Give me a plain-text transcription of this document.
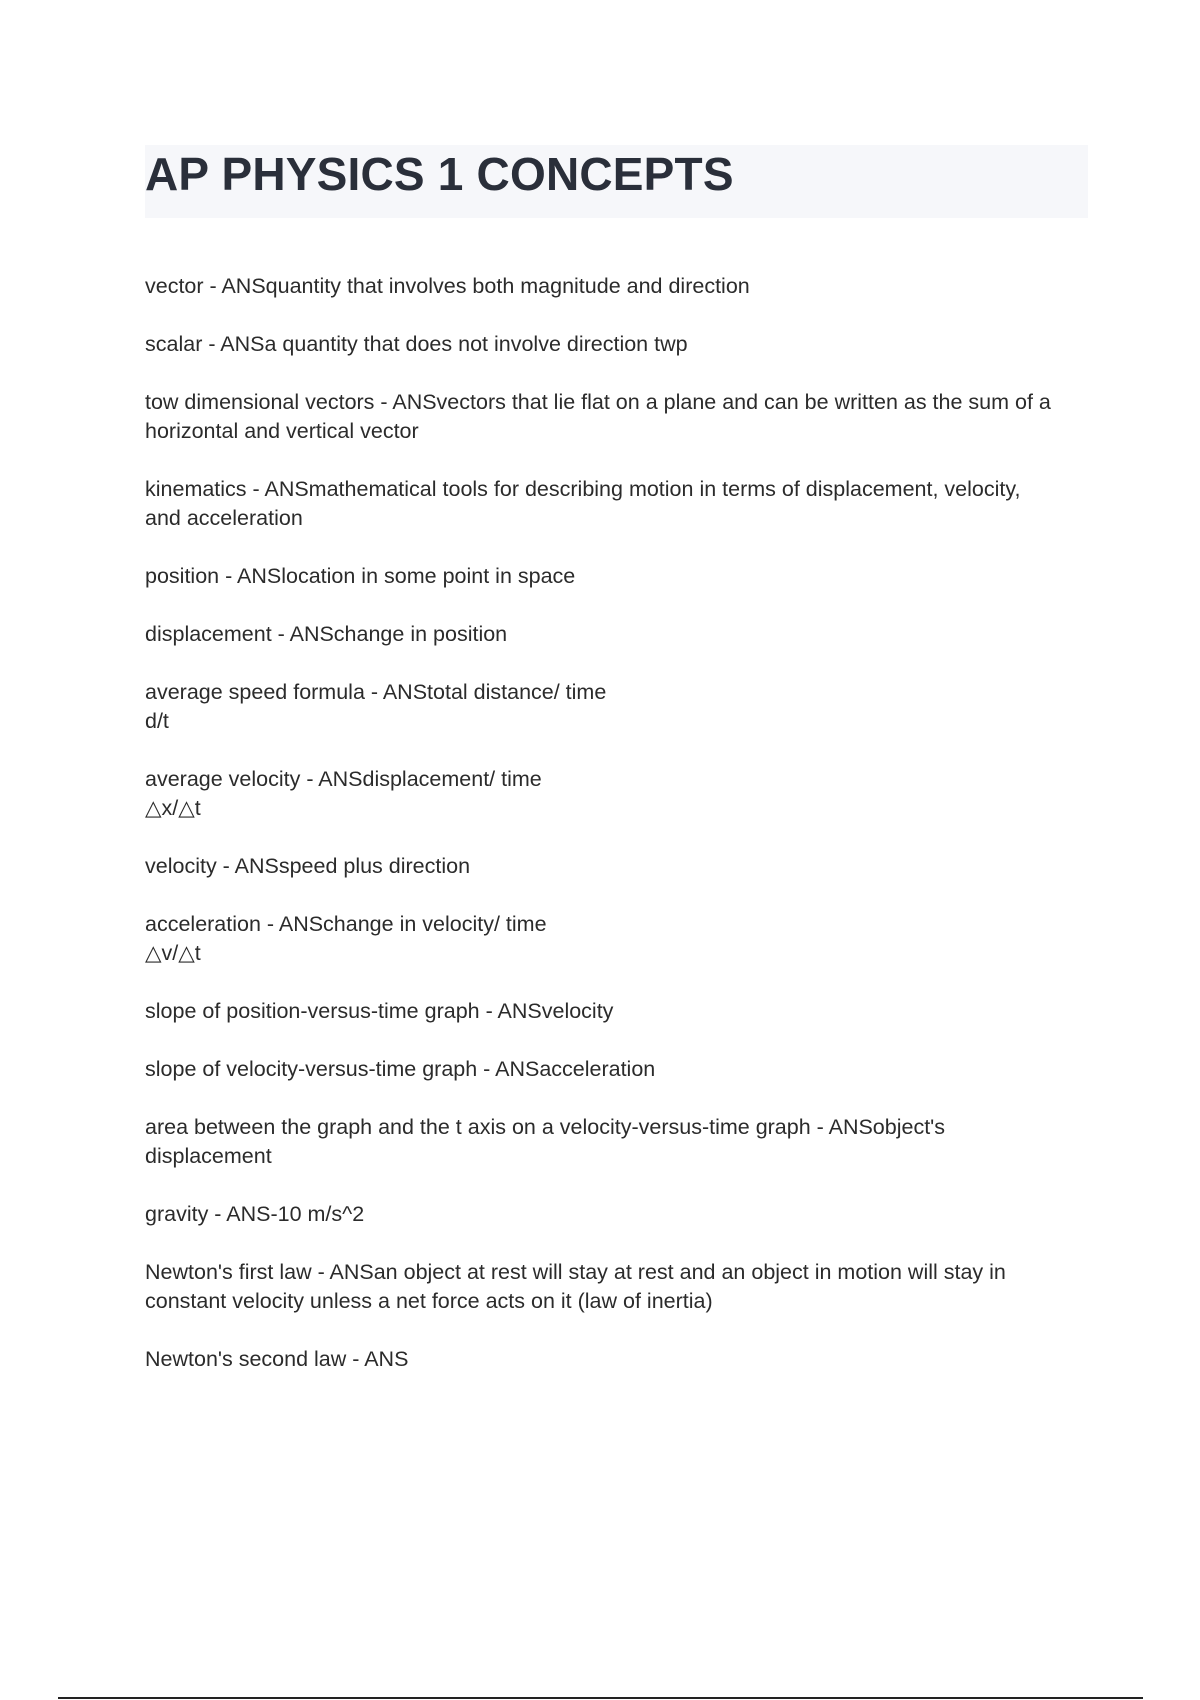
AP PHYSICS 1 CONCEPTS

vector - ANSquantity that involves both magnitude and direction

scalar - ANSa quantity that does not involve direction twp

tow dimensional vectors - ANSvectors that lie flat on a plane and can be written as the sum of a
horizontal and vertical vector

kinematics - ANSmathematical tools for describing motion in terms of displacement, velocity,
and acceleration

position - ANSlocation in some point in space

displacement - ANSchange in position

average speed formula - ANStotal distance/ time
d/t

average velocity - ANSdisplacement/ time
△x/△t

velocity - ANSspeed plus direction

acceleration - ANSchange in velocity/ time
△v/△t

slope of position-versus-time graph - ANSvelocity

slope of velocity-versus-time graph - ANSacceleration

area between the graph and the t axis on a velocity-versus-time graph - ANSobject's
displacement

gravity - ANS-10 m/s^2

Newton's first law - ANSan object at rest will stay at rest and an object in motion will stay in
constant velocity unless a net force acts on it (law of inertia)

Newton's second law - ANS
